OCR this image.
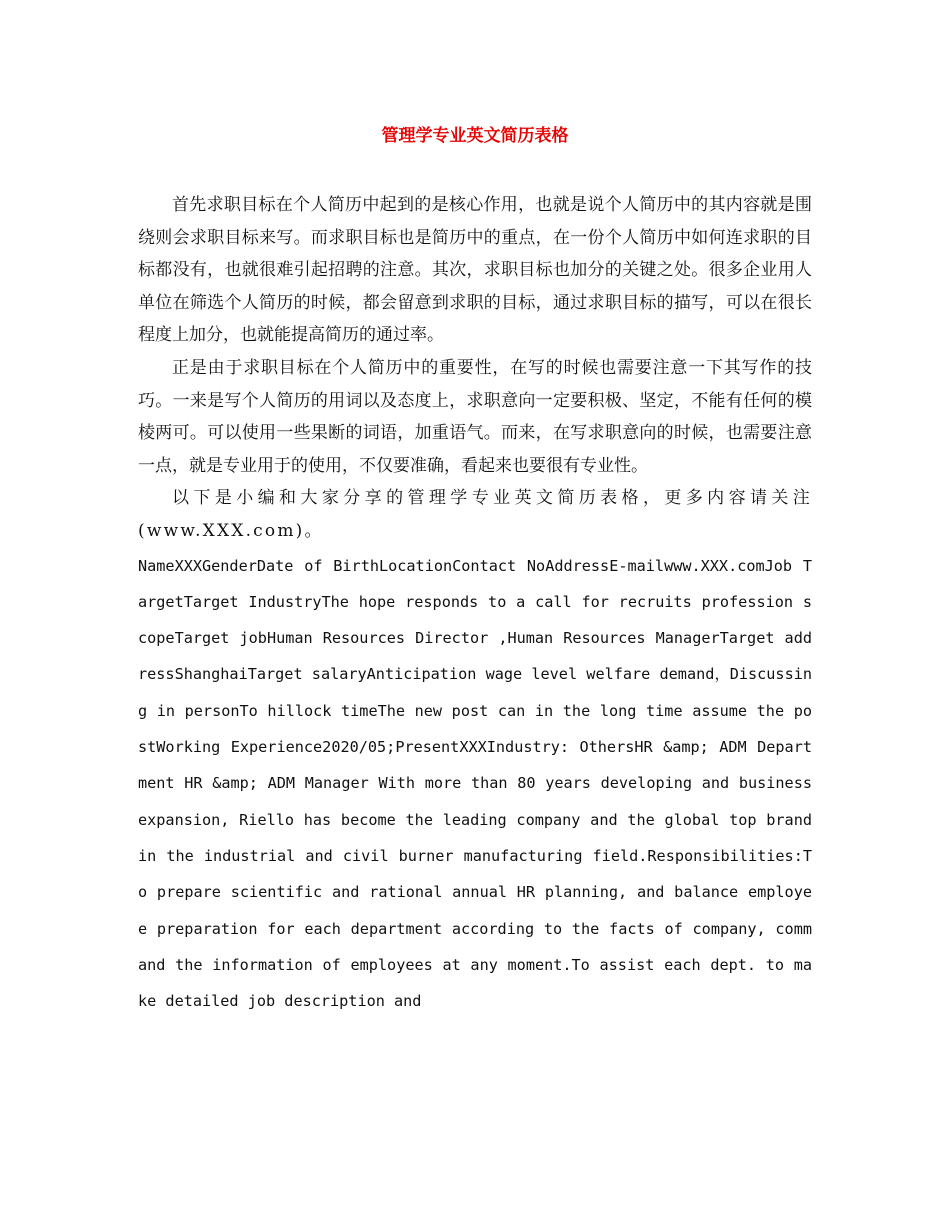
管理学专业英文简历表格

首先求职目标在个人简历中起到的是核心作用，也就是说个人简历中的其内容就是围绕则会求职目标来写。而求职目标也是简历中的重点，在一份个人简历中如何连求职的目标都没有，也就很难引起招聘的注意。其次，求职目标也加分的关键之处。很多企业用人单位在筛选个人简历的时候，都会留意到求职的目标，通过求职目标的描写，可以在很长程度上加分，也就能提高简历的通过率。

正是由于求职目标在个人简历中的重要性，在写的时候也需要注意一下其写作的技巧。一来是写个人简历的用词以及态度上，求职意向一定要积极、坚定，不能有任何的模棱两可。可以使用一些果断的词语，加重语气。而来，在写求职意向的时候，也需要注意一点，就是专业用于的使用，不仅要准确，看起来也要很有专业性。

以下是小编和大家分享的管理学专业英文简历表格，更多内容请关注(www.XXX.com)。

NameXXXGenderDate of BirthLocationContact NoAddressE-mailwww.XXX.comJob TargetTarget IndustryThe hope responds to a call for recruits profession scopeTarget jobHuman Resources Director ,Human Resources ManagerTarget addressShanghaiTarget salaryAnticipation wage level welfare demand，Discussing in personTo hillock timeThe new post can in the long time assume the postWorking Experience2020/05;PresentXXXIndustry: OthersHR &amp; ADM Department HR &amp; ADM Manager With more than 80 years developing and business expansion, Riello has become the leading company and the global top brand in the industrial and civil burner manufacturing field.Responsibilities:To prepare scientific and rational annual HR planning, and balance employee preparation for each department according to the facts of company, command the information of employees at any moment.To assist each dept. to make detailed job description and
